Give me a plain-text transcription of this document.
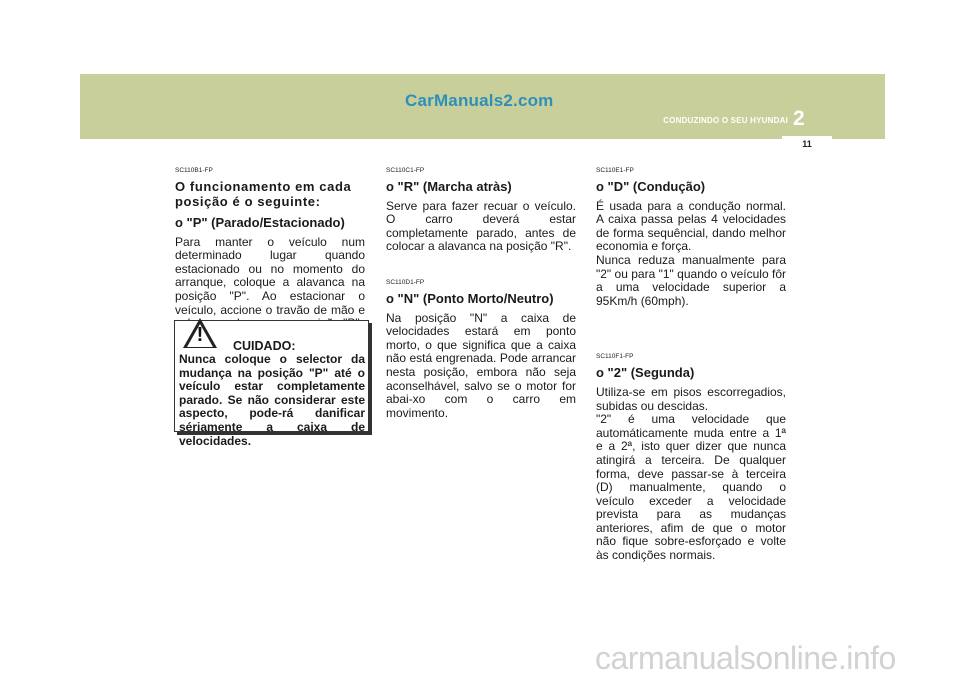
CarManuals2.com
CONDUZINDO O SEU HYUNDAI 2
11

SC110B1-FP

O funcionamento em cada posição é o seguinte:

o "P" (Parado/Estacionado)

Para manter o veículo num determinado lugar quando estacionado ou no momento do arranque, coloque a alavanca na posição "P". Ao estacionar o veículo, accione o travão de mão e

! CUIDADO:

Nunca coloque o selector da mudança na posição "P" até o veículo estar completamente parado. Se não considerar este aspecto, pode-rá danificar sériamente a caixa de velocidades.

SC110C1-FP

o "R" (Marcha atràs)

Serve para fazer recuar o veículo. O carro deverá estar completamente parado, antes de colocar a alavanca na posição "R".

SC110D1-FP

o "N" (Ponto Morto/Neutro)

Na posição "N" a caixa de velocidades estará em ponto morto, o que significa que a caixa não está engrenada. Pode arrancar nesta posição, embora não seja aconselhável, salvo se o motor for abai-xo com o carro em movimento.

SC110E1-FP

o "D" (Condução)

É usada para a condução normal. A caixa passa pelas 4 velocidades de forma sequêncial, dando melhor economia e força.

Nunca reduza manualmente para "2" ou para "1" quando o veículo fôr a uma velocidade superior a 95Km/h (60mph).

SC110F1-FP

o "2" (Segunda)

Utiliza-se em pisos escorregadios, subidas ou descidas.

"2" é uma velocidade que automáticamente muda entre a 1ª e a 2ª, isto quer dizer que nunca atingirá a terceira. De qualquer forma, deve passar-se à terceira (D) manualmente, quando o veículo exceder a velocidade prevista para as mudanças anteriores, afim de que o motor não fique sobre-esforçado e volte às condições normais.

carmanualsonline.info
